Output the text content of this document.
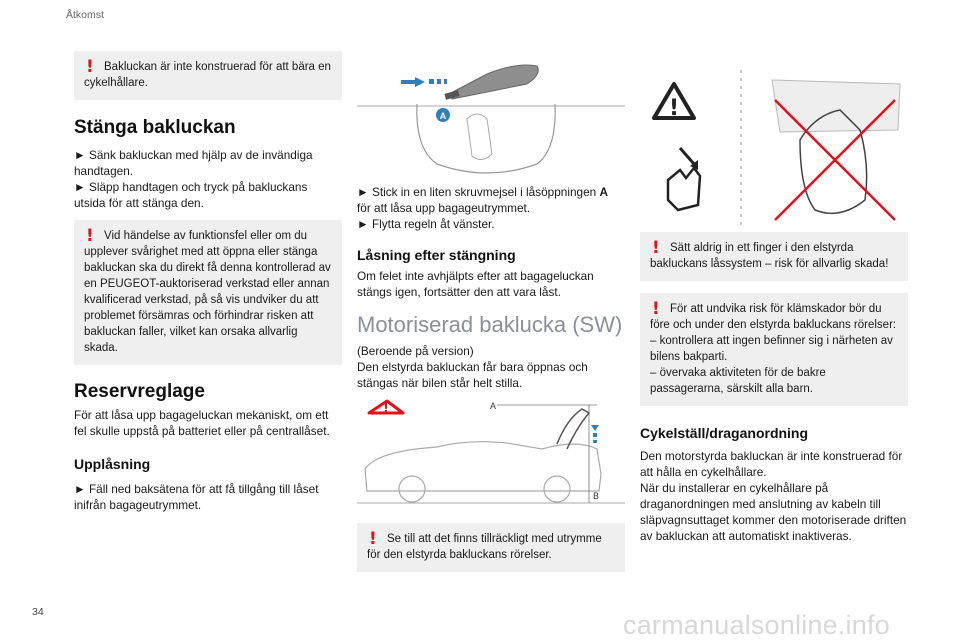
Åtkomst
! Bakluckan är inte konstruerad för att bära en cykelhållare.
Stänga bakluckan

► Sänk bakluckan med hjälp av de invändiga handtagen.

► Släpp handtagen och tryck på bakluckans utsida för att stänga den.

! Vid händelse av funktionsfel eller om du upplever svårighet med att öppna eller stänga bakluckan ska du direkt få denna kontrollerad av en PEUGEOT-auktoriserad verkstad eller annan kvalificerad verkstad, på så vis undviker du att problemet försämras och förhindrar risken att bakluckan faller, vilket kan orsaka allvarlig skada.
Reservreglage

För att låsa upp bagageluckan mekaniskt, om ett fel skulle uppstå på batteriet eller på centrallåset.

Upplåsning

► Fäll ned baksätena för att få tillgång till låset inifrån bagageutrymmet.

A

► Stick in en liten skruvmejsel i låsöppningen A för att låsa upp bagageutrymmet.

► Flytta regeln åt vänster.

Låsning efter stängning

Om felet inte avhjälpts efter att bagageluckan stängs igen, fortsätter den att vara låst.

Motoriserad baklucka (SW)

(Beroende på version)

Den elstyrda bakluckan får bara öppnas och stängas när bilen står helt stilla.

!	A
B
! Se till att det finns tillräckligt med utrymme för den elstyrda bakluckans rörelser.
!
! Sätt aldrig in ett finger i den elstyrda bakluckans låssystem – risk för allvarlig skada!
! För att undvika risk för klämskador bör du före och under den elstyrda bakluckans rörelser:
– kontrollera att ingen befinner sig i närheten av bilens bakparti.
– övervaka aktiviteten för de bakre passagerarna, särskilt alla barn.
Cykelställ/draganordning

Den motorstyrda bakluckan är inte konstruerad för att hålla en cykelhållare.

När du installerar en cykelhållare på draganordningen med anslutning av kabeln till släpvagnsuttaget kommer den motoriserade driften av bakluckan att automatiskt inaktiveras.

34	carmanualsonline.info
